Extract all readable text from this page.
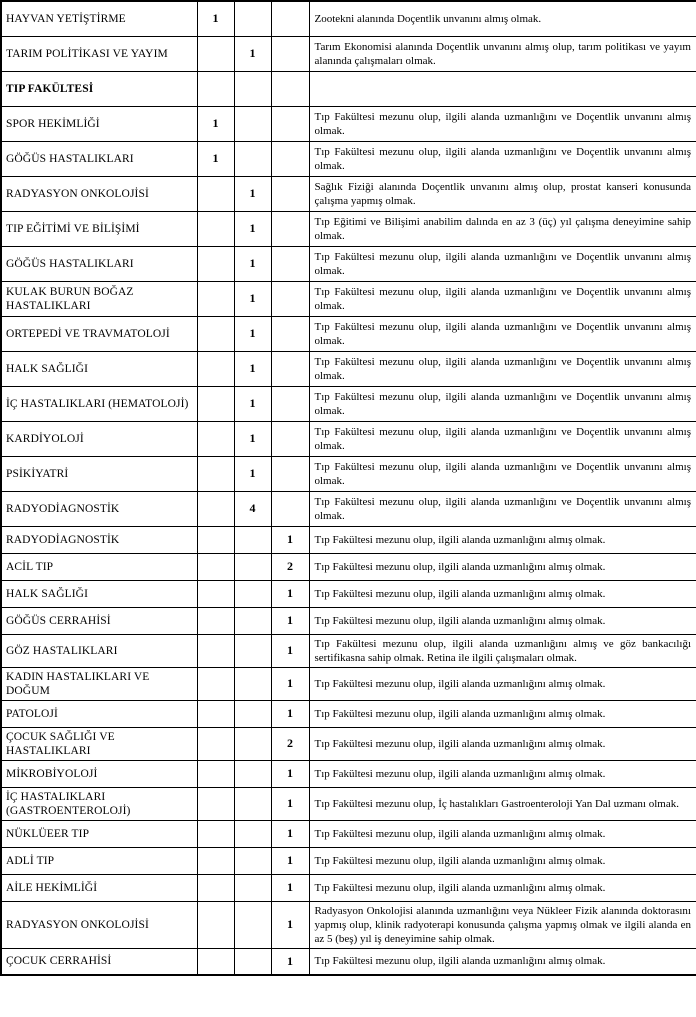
HAYVAN YETİŞTİRME	1			Zootekni alanında Doçentlik unvanını almış olmak.
TARIM POLİTİKASI VE YAYIM		1		Tarım Ekonomisi alanında Doçentlik unvanını almış olup, tarım politikası ve yayım alanında çalışmaları olmak.
TIP FAKÜLTESİ				
SPOR HEKİMLİĞİ	1			Tıp Fakültesi mezunu olup, ilgili alanda uzmanlığını ve Doçentlik unvanını almış olmak.
GÖĞÜS HASTALIKLARI	1			Tıp Fakültesi mezunu olup, ilgili alanda uzmanlığını ve Doçentlik unvanını almış olmak.
RADYASYON ONKOLOJİSİ		1		Sağlık Fiziği alanında Doçentlik unvanını almış olup, prostat kanseri konusunda çalışma yapmış olmak.
TIP EĞİTİMİ VE BİLİŞİMİ		1		Tıp Eğitimi ve Bilişimi anabilim dalında en az 3 (üç) yıl çalışma deneyimine sahip olmak.
GÖĞÜS HASTALIKLARI		1		Tıp Fakültesi mezunu olup, ilgili alanda uzmanlığını ve Doçentlik unvanını almış olmak.
KULAK BURUN BOĞAZ HASTALIKLARI		1		Tıp Fakültesi mezunu olup, ilgili alanda uzmanlığını ve Doçentlik unvanını almış olmak.
ORTEPEDİ VE TRAVMATOLOJİ		1		Tıp Fakültesi mezunu olup, ilgili alanda uzmanlığını ve Doçentlik unvanını almış olmak.
HALK SAĞLIĞI		1		Tıp Fakültesi mezunu olup, ilgili alanda uzmanlığını ve Doçentlik unvanını almış olmak.
İÇ HASTALIKLARI (HEMATOLOJİ)		1		Tıp Fakültesi mezunu olup, ilgili alanda uzmanlığını ve Doçentlik unvanını almış olmak.
KARDİYOLOJİ		1		Tıp Fakültesi mezunu olup, ilgili alanda uzmanlığını ve Doçentlik unvanını almış olmak.
PSİKİYATRİ		1		Tıp Fakültesi mezunu olup, ilgili alanda uzmanlığını ve Doçentlik unvanını almış olmak.
RADYODİAGNOSTİK		4		Tıp Fakültesi mezunu olup, ilgili alanda uzmanlığını ve Doçentlik unvanını almış olmak.
RADYODİAGNOSTİK			1	Tıp Fakültesi mezunu olup, ilgili alanda uzmanlığını almış olmak.
ACİL TIP			2	Tıp Fakültesi mezunu olup, ilgili alanda uzmanlığını almış olmak.
HALK SAĞLIĞI			1	Tıp Fakültesi mezunu olup, ilgili alanda uzmanlığını almış olmak.
GÖĞÜS CERRAHİSİ			1	Tıp Fakültesi mezunu olup, ilgili alanda uzmanlığını almış olmak.
GÖZ HASTALIKLARI			1	Tıp Fakültesi mezunu olup, ilgili alanda uzmanlığını almış ve göz bankacılığı sertifikasna sahip olmak. Retina ile ilgili çalışmaları olmak.
KADIN HASTALIKLARI VE DOĞUM			1	Tıp Fakültesi mezunu olup, ilgili alanda uzmanlığını almış olmak.
PATOLOJİ			1	Tıp Fakültesi mezunu olup, ilgili alanda uzmanlığını almış olmak.
ÇOCUK SAĞLIĞI VE HASTALIKLARI			2	Tıp Fakültesi mezunu olup, ilgili alanda uzmanlığını almış olmak.
MİKROBİYOLOJİ			1	Tıp Fakültesi mezunu olup, ilgili alanda uzmanlığını almış olmak.
İÇ HASTALIKLARI (GASTROENTEROLOJİ)			1	Tıp Fakültesi mezunu olup, İç hastalıkları Gastroenteroloji Yan Dal uzmanı olmak.
NÜKLÜEER TIP			1	Tıp Fakültesi mezunu olup, ilgili alanda uzmanlığını almış olmak.
ADLİ TIP			1	Tıp Fakültesi mezunu olup, ilgili alanda uzmanlığını almış olmak.
AİLE HEKİMLİĞİ			1	Tıp Fakültesi mezunu olup, ilgili alanda uzmanlığını almış olmak.
RADYASYON ONKOLOJİSİ			1	Radyasyon Onkolojisi alanında uzmanlığını veya Nükleer Fizik alanında doktorasını yapmış olup, klinik radyoterapi konusunda çalışma yapmış olmak ve ilgili alanda en az 5 (beş) yıl iş deneyimine sahip olmak.
ÇOCUK CERRAHİSİ			1	Tıp Fakültesi mezunu olup, ilgili alanda uzmanlığını almış olmak.
